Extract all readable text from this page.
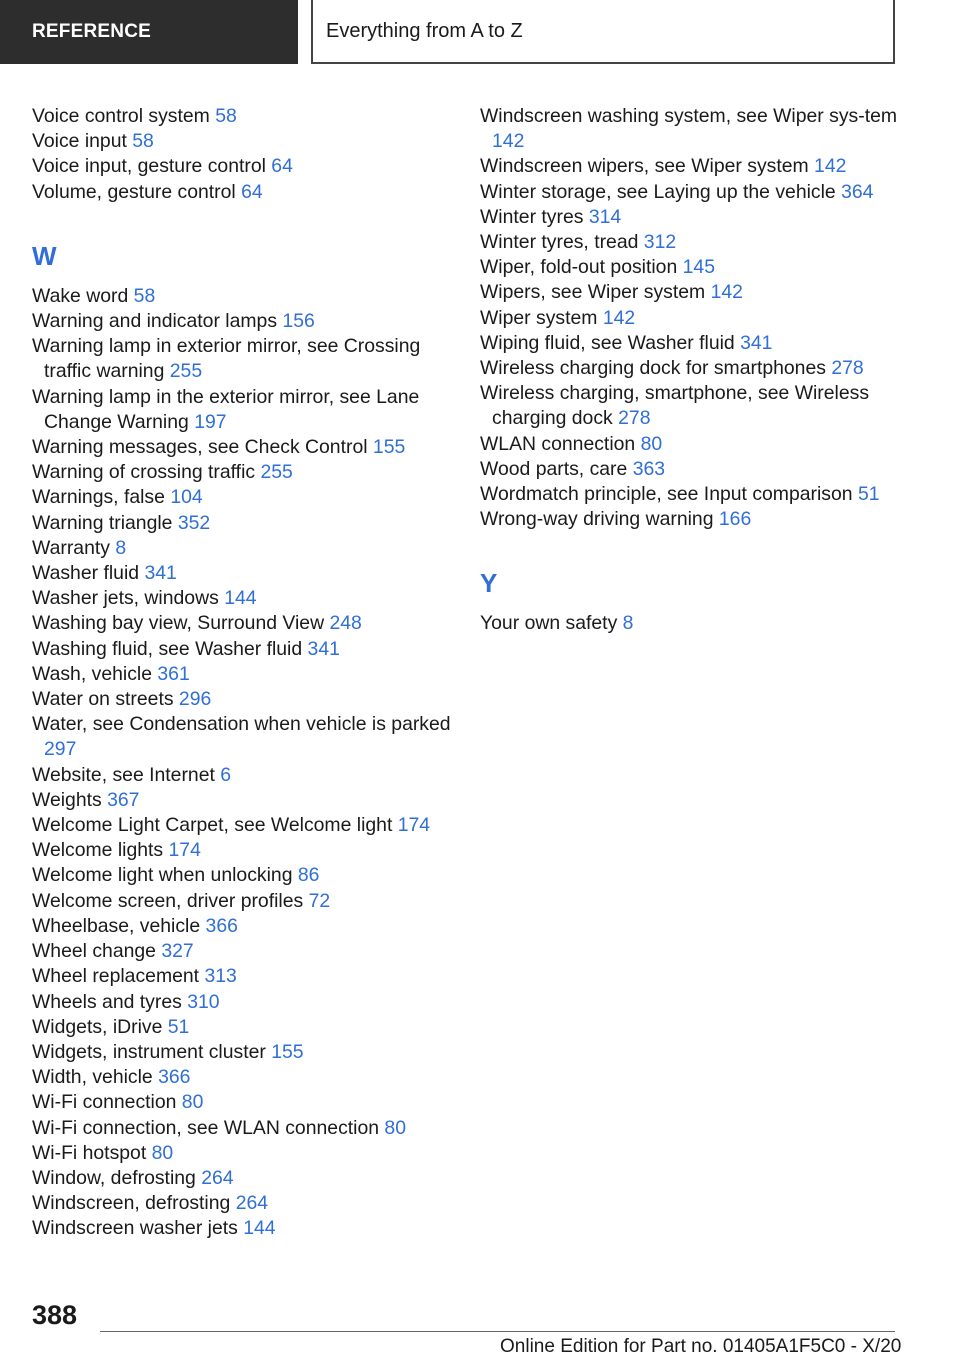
REFERENCE	Everything from A to Z

Voice control system 58

Voice input 58

Voice input, gesture control 64

Volume, gesture control 64

W

Wake word 58

Warning and indicator lamps 156

Warning lamp in exterior mirror, see Crossing traffic warning 255

Warning lamp in the exterior mirror, see Lane Change Warning 197

Warning messages, see Check Control 155

Warning of crossing traffic 255

Warnings, false 104

Warning triangle 352

Warranty 8

Washer fluid 341

Washer jets, windows 144

Washing bay view, Surround View 248

Washing fluid, see Washer fluid 341

Wash, vehicle 361

Water on streets 296

Water, see Condensation when vehicle is parked 297

Website, see Internet 6

Weights 367

Welcome Light Carpet, see Welcome light 174

Welcome lights 174

Welcome light when unlocking 86

Welcome screen, driver profiles 72

Wheelbase, vehicle 366

Wheel change 327

Wheel replacement 313

Wheels and tyres 310

Widgets, iDrive 51

Widgets, instrument cluster 155

Width, vehicle 366

Wi-Fi connection 80

Wi-Fi connection, see WLAN connection 80

Wi-Fi hotspot 80

Window, defrosting 264

Windscreen, defrosting 264

Windscreen washer jets 144

Windscreen washing system, see Wiper sys-tem 142

Windscreen wipers, see Wiper system 142

Winter storage, see Laying up the vehicle 364

Winter tyres 314

Winter tyres, tread 312

Wiper, fold-out position 145

Wipers, see Wiper system 142

Wiper system 142

Wiping fluid, see Washer fluid 341

Wireless charging dock for smartphones 278

Wireless charging, smartphone, see Wireless charging dock 278

WLAN connection 80

Wood parts, care 363

Wordmatch principle, see Input comparison 51

Wrong-way driving warning 166

Y

Your own safety 8

388
Online Edition for Part no. 01405A1F5C0 - X/20
